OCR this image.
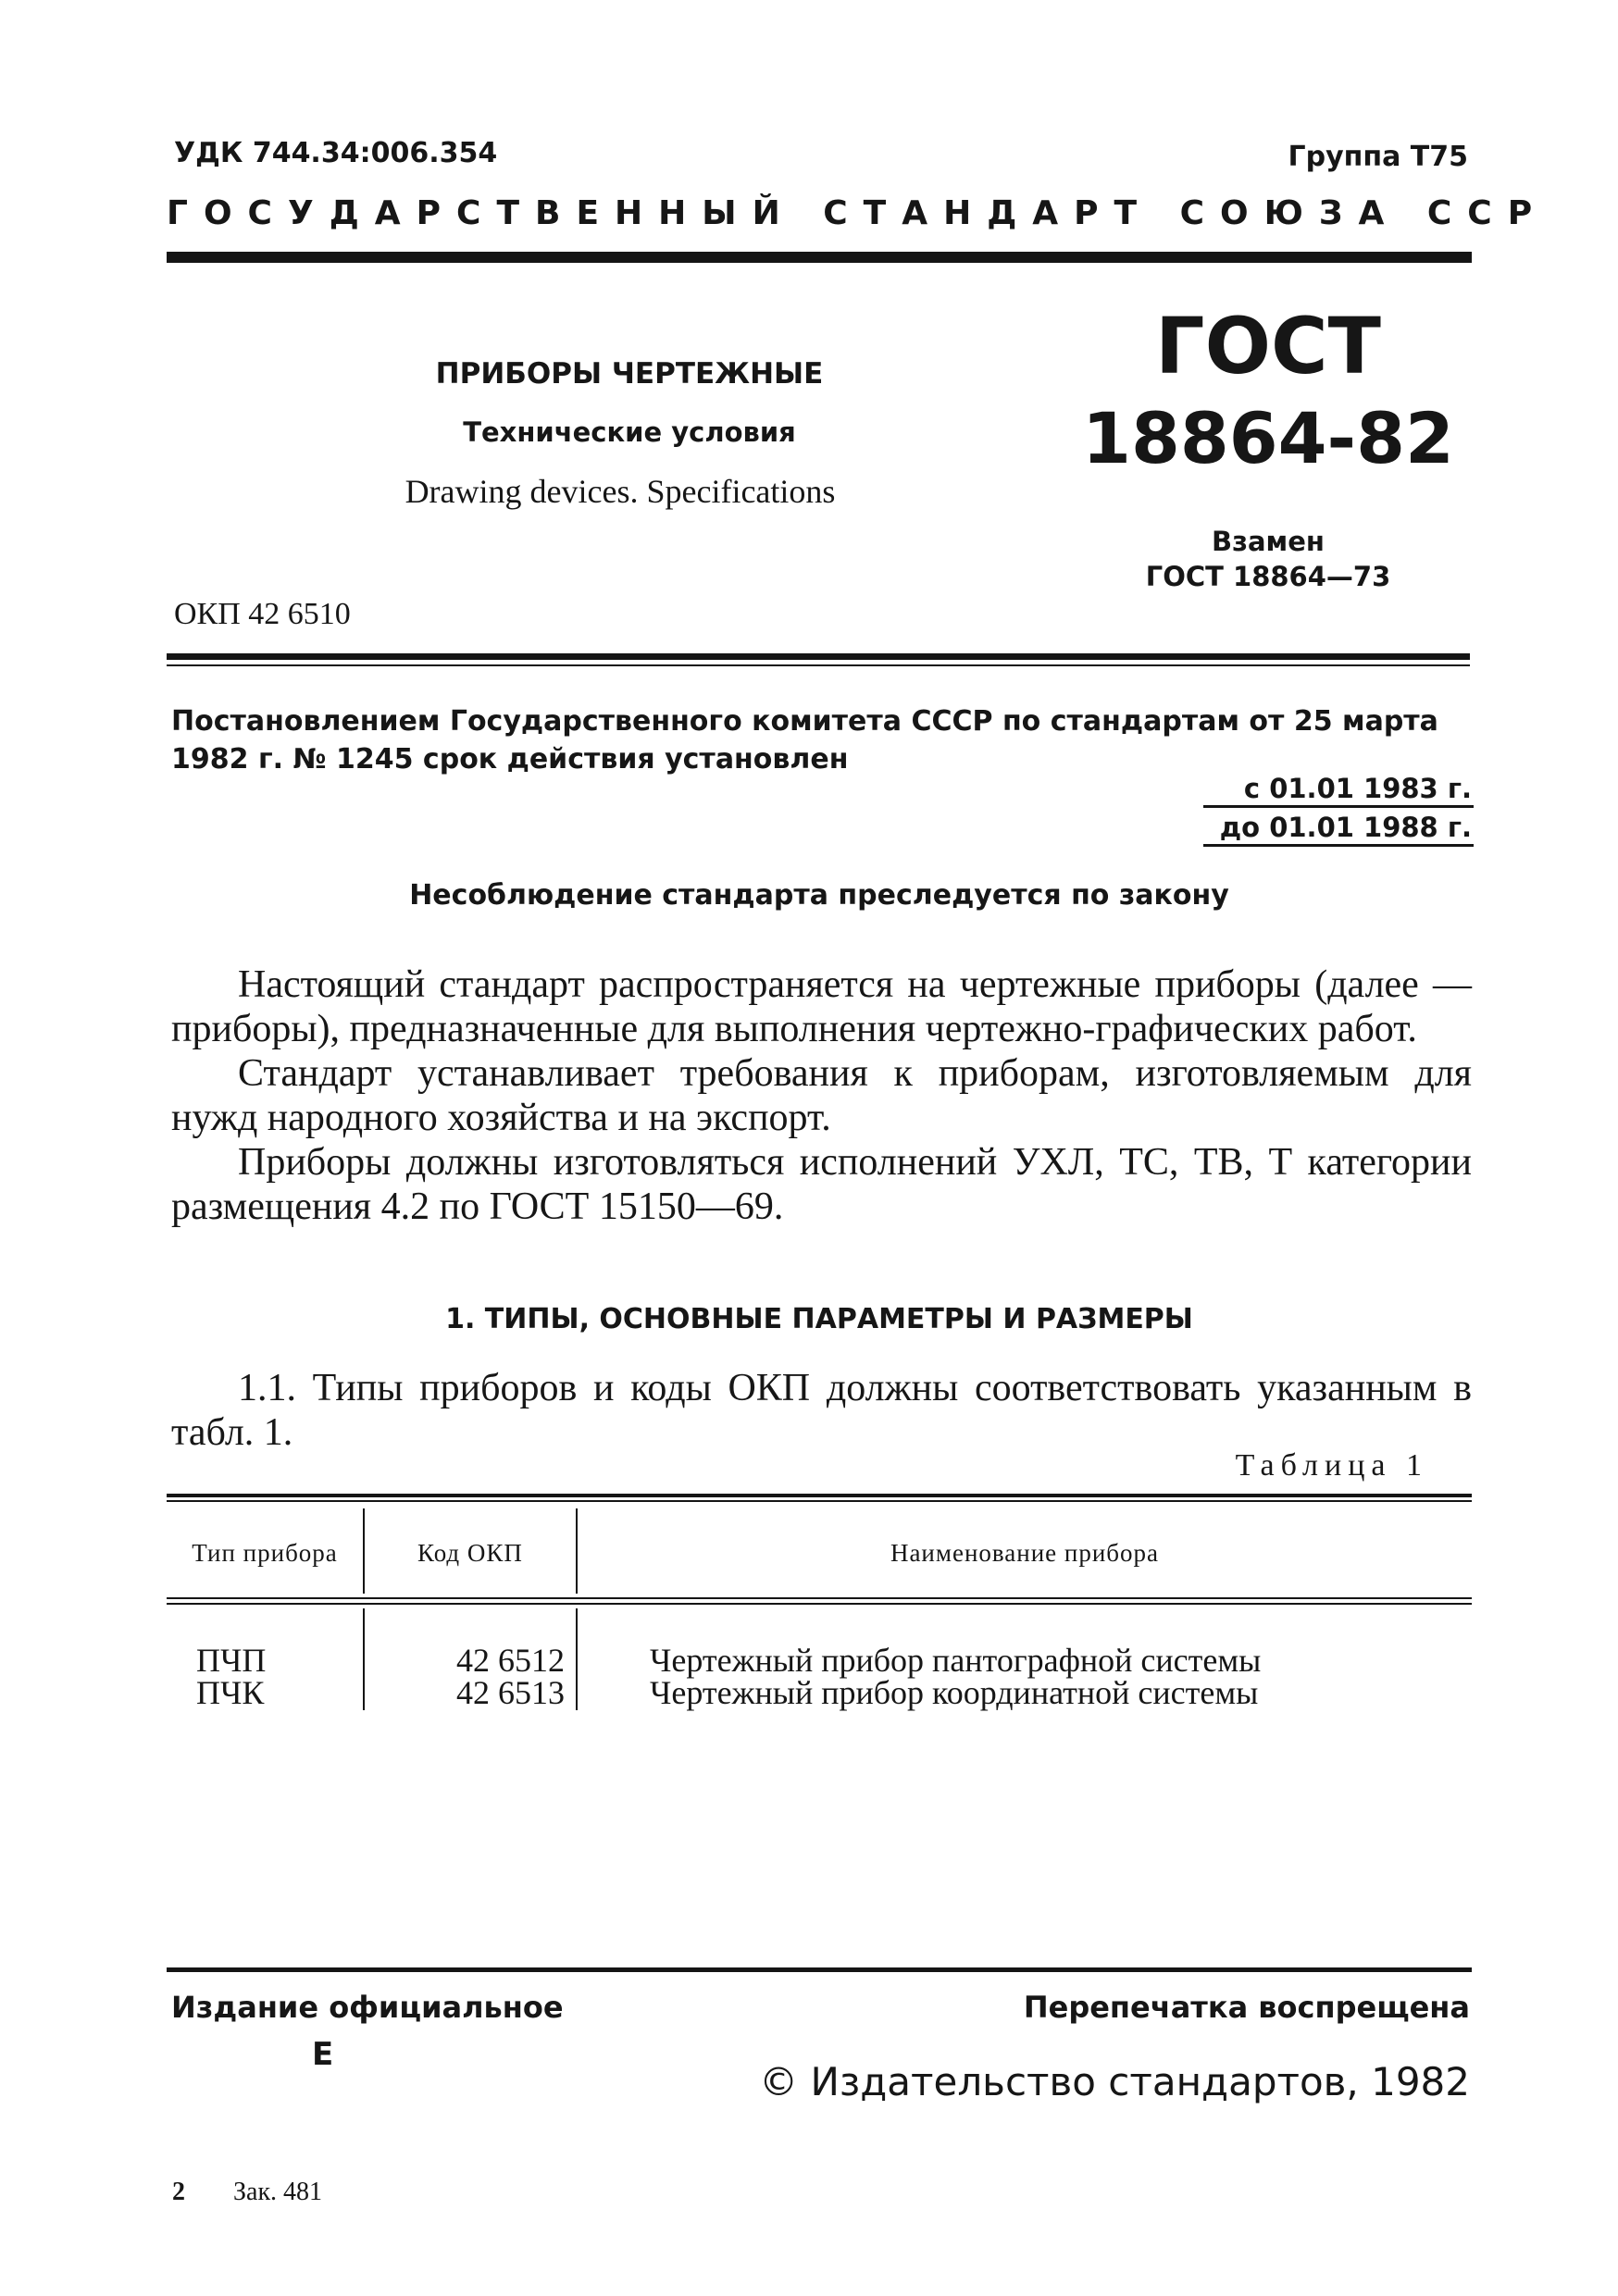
УДК 744.34:006.354	Группа Т75
ГОСУДАРСТВЕННЫЙ СТАНДАРТ СОЮЗА ССР
ПРИБОРЫ ЧЕРТЕЖНЫЕ
Технические условия
Drawing devices. Specifications
ГОСТ
18864-82
Взамен
ГОСТ 18864—73
ОКП 42 6510
Постановлением Государственного комитета СССР по стандартам от 25 марта 1982 г. № 1245 срок действия установлен
с 01.01 1983 г.
до 01.01 1988 г.
Несоблюдение стандарта преследуется по закону

Настоящий стандарт распространяется на чертежные приборы (далее — приборы), предназначенные для выполнения чертежно-графических работ.

Стандарт устанавливает требования к приборам, изготовляемым для нужд народного хозяйства и на экспорт.

Приборы должны изготовляться исполнений УХЛ, ТС, ТВ, Т категории размещения 4.2 по ГОСТ 15150—69.

1. ТИПЫ, ОСНОВНЫЕ ПАРАМЕТРЫ И РАЗМЕРЫ
1.1. Типы приборов и коды ОКП должны соответствовать указанным в табл. 1.
Таблица 1
Тип прибора	Код ОКП	Наименование прибора
ПЧП	42 6512	Чертежный прибор пантографной системы
ПЧК	42 6513	Чертежный прибор координатной системы
Издание официальное
Е
Перепечатка воспрещена
© Издательство стандартов, 1982
2 Зак. 481
